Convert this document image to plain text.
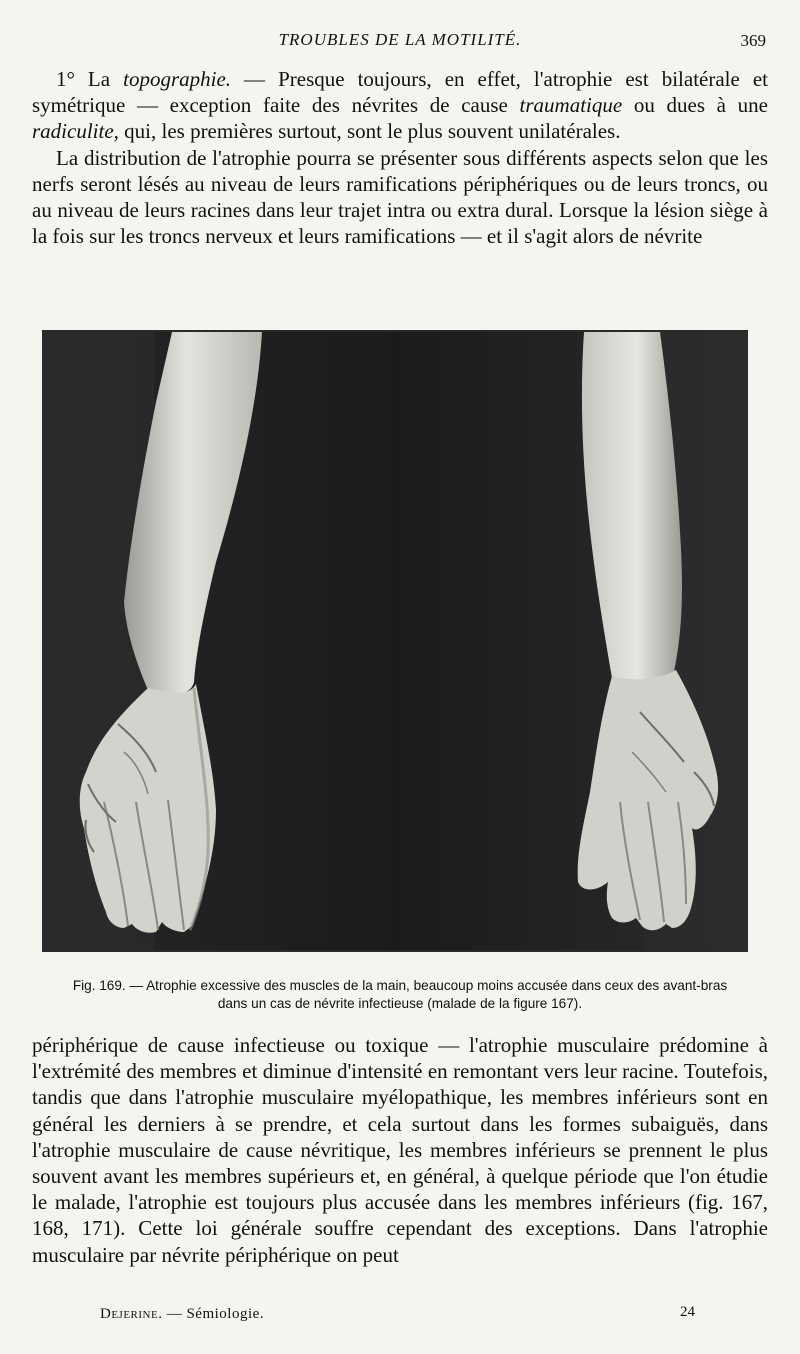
TROUBLES DE LA MOTILITÉ.	369

1° La topographie. — Presque toujours, en effet, l'atrophie est bilatérale et symétrique — exception faite des névrites de cause traumatique ou dues à une radiculite, qui, les premières surtout, sont le plus souvent unilatérales.

La distribution de l'atrophie pourra se présenter sous différents aspects selon que les nerfs seront lésés au niveau de leurs ramifications périphériques ou de leurs troncs, ou au niveau de leurs racines dans leur trajet intra ou extra dural. Lorsque la lésion siège à la fois sur les troncs nerveux et leurs ramifications — et il s'agit alors de névrite

Fig. 169. — Atrophie excessive des muscles de la main, beaucoup moins accusée dans ceux des avant-bras
dans un cas de névrite infectieuse (malade de la figure 167).

périphérique de cause infectieuse ou toxique — l'atrophie musculaire prédomine à l'extrémité des membres et diminue d'intensité en remontant vers leur racine. Toutefois, tandis que dans l'atrophie musculaire myélopathique, les membres inférieurs sont en général les derniers à se prendre, et cela surtout dans les formes subaiguës, dans l'atrophie musculaire de cause névritique, les membres inférieurs se prennent le plus souvent avant les membres supérieurs et, en général, à quelque période que l'on étudie le malade, l'atrophie est toujours plus accusée dans les membres inférieurs (fig. 167, 168, 171). Cette loi générale souffre cependant des exceptions. Dans l'atrophie musculaire par névrite périphérique on peut

Dejerine. — Sémiologie.	24
